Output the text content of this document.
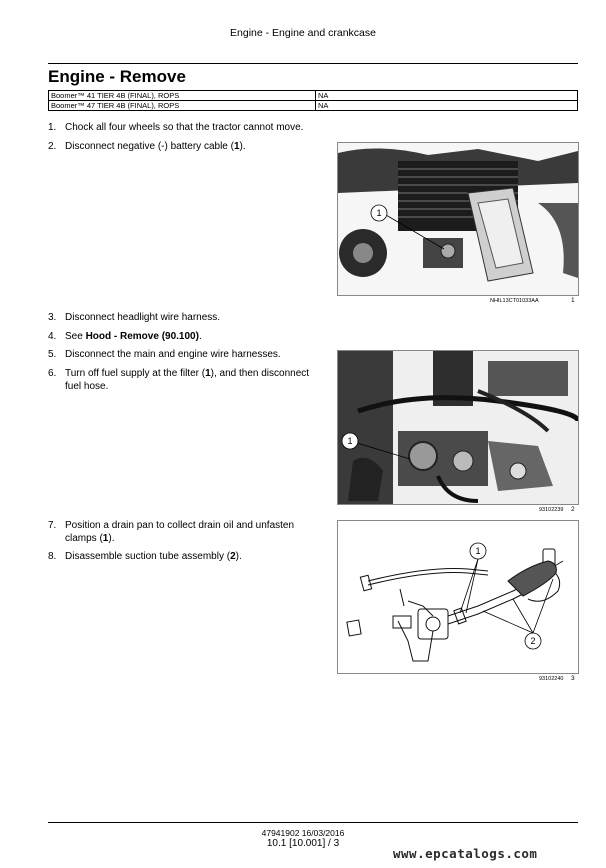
Engine - Engine and crankcase
Engine - Remove
Boomer™ 41 TIER 4B (FINAL), ROPS	NA
Boomer™ 47 TIER 4B (FINAL), ROPS	NA
1. Chock all four wheels so that the tractor cannot move.
2. Disconnect negative (-) battery cable (1).
1
NHIL13CT01033AA	1
3. Disconnect headlight wire harness.
4. See Hood - Remove (90.100).
5. Disconnect the main and engine wire harnesses.
6. Turn off fuel supply at the filter (1), and then disconnect
fuel hose.
1
93102239 2
7. Position a drain pan to collect drain oil and unfasten
clamps (1).
8. Disassemble suction tube assembly (2).	1
2
93102240 3
47941902 16/03/2016
10.1 [10.001] / 3
www.epcatalogs.com
